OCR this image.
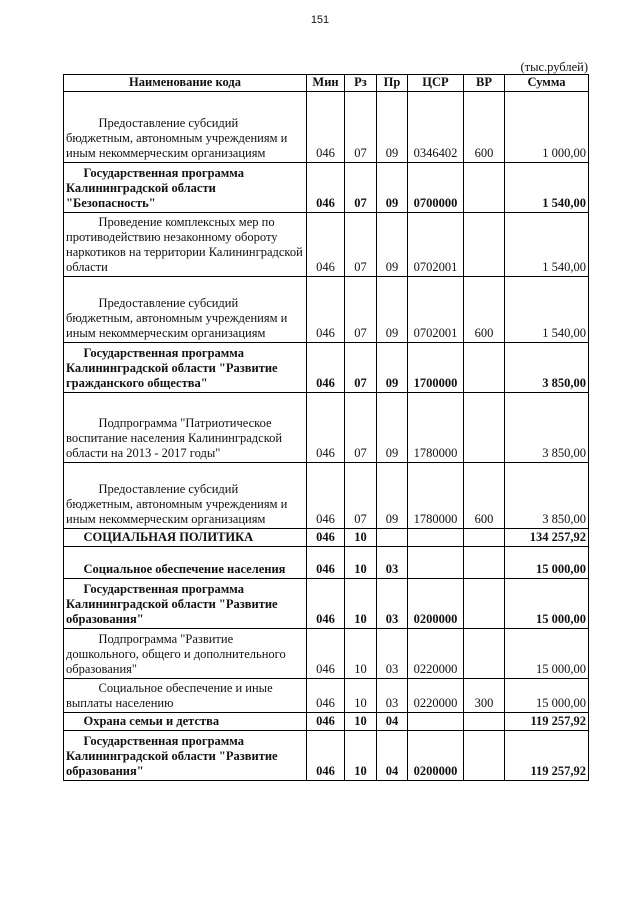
151
(тыс.рублей)
Наименование кода	Мин	Рз	Пр	ЦСР	ВР	Сумма

Предоставление субсидий бюджетным, автономным учреждениям и иным некоммерческим организациям	046	07	09	0346402	600	1 000,00

Государственная программа Калининградской области "Безопасность"	046	07	09	0700000		1 540,00

Проведение комплексных мер по противодействию незаконному обороту наркотиков на территории Калининградской области	046	07	09	0702001		1 540,00

Предоставление субсидий бюджетным, автономным учреждениям и иным некоммерческим организациям	046	07	09	0702001	600	1 540,00

Государственная программа Калининградской области "Развитие гражданского общества"	046	07	09	1700000		3 850,00

Подпрограмма "Патриотическое воспитание населения Калининградской области на 2013 - 2017 годы"	046	07	09	1780000		3 850,00

Предоставление субсидий бюджетным, автономным учреждениям и иным некоммерческим организациям	046	07	09	1780000	600	3 850,00

СОЦИАЛЬНАЯ ПОЛИТИКА	046	10				134 257,92

Социальное обеспечение населения	046	10	03			15 000,00

Государственная программа Калининградской области "Развитие образования"	046	10	03	0200000		15 000,00

Подпрограмма "Развитие дошкольного, общего и дополнительного образования"	046	10	03	0220000		15 000,00

Социальное обеспечение и иные выплаты населению	046	10	03	0220000	300	15 000,00

Охрана семьи и детства	046	10	04			119 257,92

Государственная программа Калининградской области "Развитие образования"	046	10	04	0200000		119 257,92
